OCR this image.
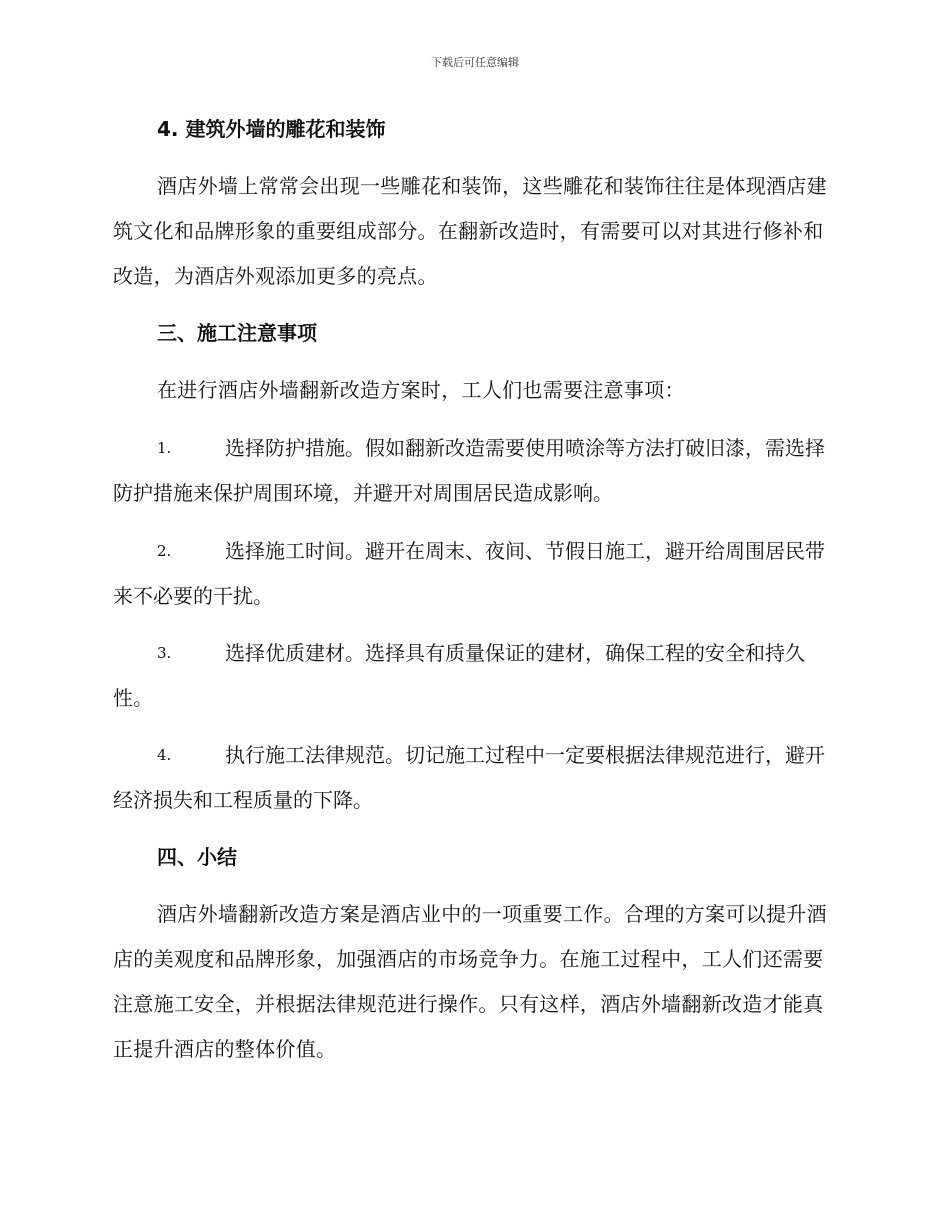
下载后可任意编辑
4. 建筑外墙的雕花和装饰

酒店外墙上常常会出现一些雕花和装饰，这些雕花和装饰往往是体现酒店建筑文化和品牌形象的重要组成部分。在翻新改造时，有需要可以对其进行修补和改造，为酒店外观添加更多的亮点。

三、施工注意事项

在进行酒店外墙翻新改造方案时，工人们也需要注意事项：

1.	选择防护措施。假如翻新改造需要使用喷涂等方法打破旧漆，需选择防护措施来保护周围环境，并避开对周围居民造成影响。

2.	选择施工时间。避开在周末、夜间、节假日施工，避开给周围居民带来不必要的干扰。

3.	选择优质建材。选择具有质量保证的建材，确保工程的安全和持久性。

4.	执行施工法律规范。切记施工过程中一定要根据法律规范进行，避开经济损失和工程质量的下降。

四、小结

酒店外墙翻新改造方案是酒店业中的一项重要工作。合理的方案可以提升酒店的美观度和品牌形象，加强酒店的市场竞争力。在施工过程中，工人们还需要注意施工安全，并根据法律规范进行操作。只有这样，酒店外墙翻新改造才能真正提升酒店的整体价值。
